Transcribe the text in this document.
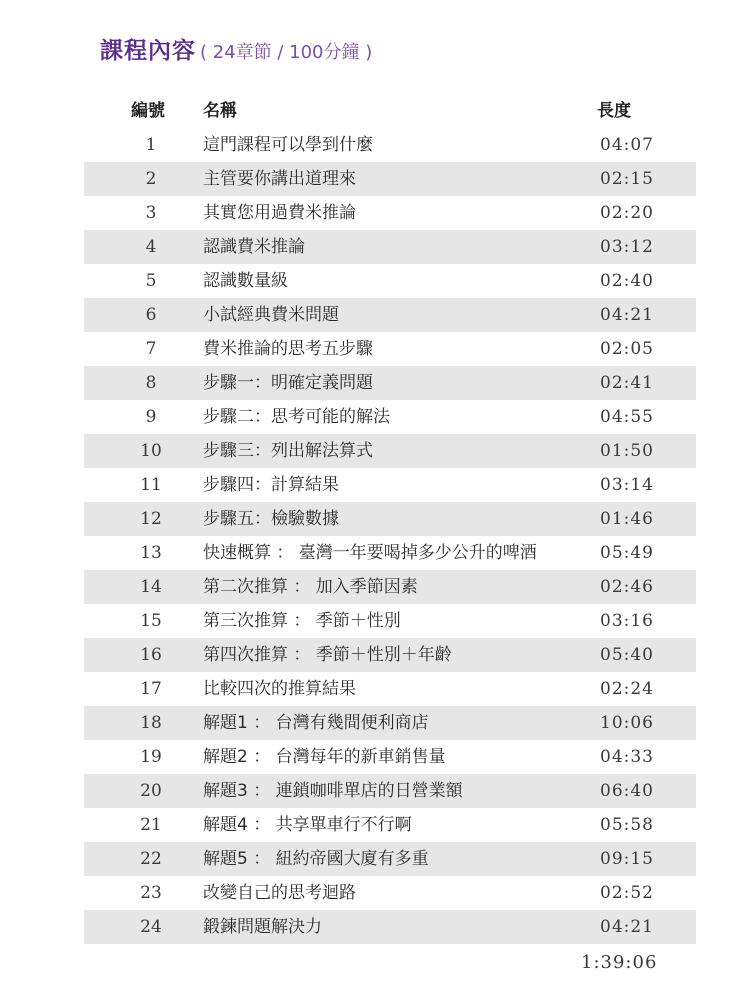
課程內容 ( 24章節 / 100分鐘 )
編號 名稱	長度
1	這門課程可以學到什麼	04:07
2	主管要你講出道理來	02:15
3	其實您用過費米推論	02:20
4	認識費米推論	03:12
5	認識數量級	02:40
6	小試經典費米問題	04:21
7	費米推論的思考五步驟	02:05
8	步驟一：明確定義問題	02:41
9	步驟二：思考可能的解法	04:55
10	步驟三：列出解法算式	01:50
11	步驟四：計算結果	03:14
12	步驟五：檢驗數據	01:46
13	快速概算 ： 臺灣一年要喝掉多少公升的啤酒	05:49
14	第二次推算 ： 加入季節因素	02:46
15	第三次推算 ： 季節＋性別	03:16
16	第四次推算 ： 季節＋性別＋年齡	05:40
17	比較四次的推算結果	02:24
18	解題1 ： 台灣有幾間便利商店	10:06
19	解題2 ： 台灣每年的新車銷售量	04:33
20	解題3 ： 連鎖咖啡單店的日營業額	06:40
21	解題4 ： 共享單車行不行啊	05:58
22	解題5 ： 紐約帝國大廈有多重	09:15
23	改變自己的思考迴路	02:52
24	鍛鍊問題解決力	04:21
1:39:06
